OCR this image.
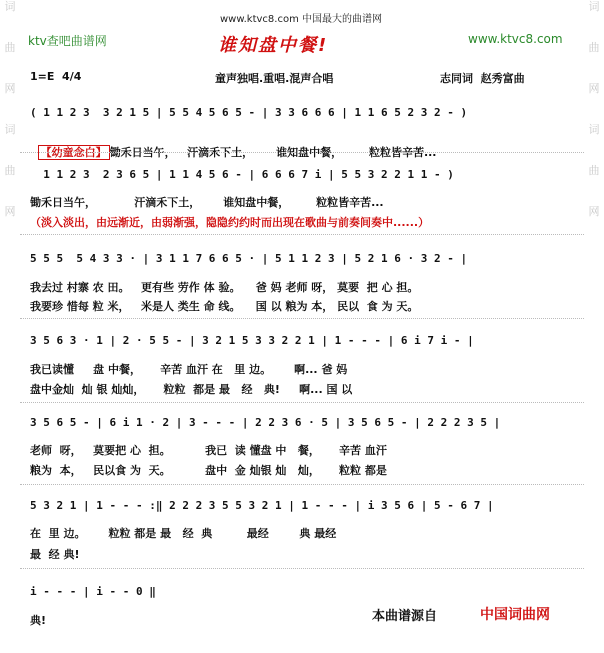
词
曲
网
词
曲
网
词
曲
网
词
曲
网
ktv查吧曲谱网
www.ktvc8.com 中国最大的曲谱网
www.ktvc8.com
谁知盘中餐!
1=E  4/4	童声独唱.重唱.混声合唱	志同词  赵秀富曲
( 1 1 2 3  3 2 1 5 | 5 5 4 5 6 5 - | 3 3 6 6 6 | 1 1 6 5 2 3 2 - )

【幼童念白】 锄禾日当午，   汗滴禾下土，      谁知盘中餐，       粒粒皆辛苦...

1 1 2 3  2 3 6 5 | 1 1 4 5 6 - | 6 6 6 7 i | 5 5 3 2 2 1 1 - )
锄禾日当午，          汗滴禾下土，      谁知盘中餐，       粒粒皆辛苦...
（淡入淡出，由远渐近，由弱渐强，隐隐约约时而出现在歌曲与前奏间奏中......）
5 5 5  5 4 3 3 · | 3 1 1 7 6 6 5 · | 5 1 1 2 3 | 5 2 1 6 · 3 2 - |
我去过 村寨 农 田。   更有些 劳作 体 验。    爸 妈 老师 呀， 莫要  把 心 担。
我要珍 惜每 粒 米，   米是人 类生 命 线。    国 以 粮为 本， 民以  食 为 天。
3 5 6 3 · 1 | 2 · 5 5 - | 3 2 1 5 3 3 2 2 1 | 1 - - - | 6 i 7 i - |
我已读懂     盘 中餐，     辛苦 血汗 在   里 边。      啊... 爸 妈
盘中金灿  灿 银 灿灿，     粒粒  都是 最   经   典!     啊... 国 以
3 5 6 5 - | 6 i 1 · 2 | 3 - - - | 2 2 3 6 · 5 | 3 5 6 5 - | 2 2 2 3 5 |
老师  呀，   莫要把 心  担。         我已  读 懂盘 中   餐，     辛苦 血汗
粮为  本，   民以食 为  天。         盘中  金 灿银 灿   灿，     粒粒 都是
5 3 2 1 | 1 - - - :‖ 2 2 2 3 5 5 3 2 1 | 1 - - - | i 3 5 6 | 5 - 6 7 |
在  里 边。      粒粒 都是 最   经  典         最经        典 最经
最  经 典!
i - - - | i - - 0 ‖
典!	本曲谱源自	中国词曲网
